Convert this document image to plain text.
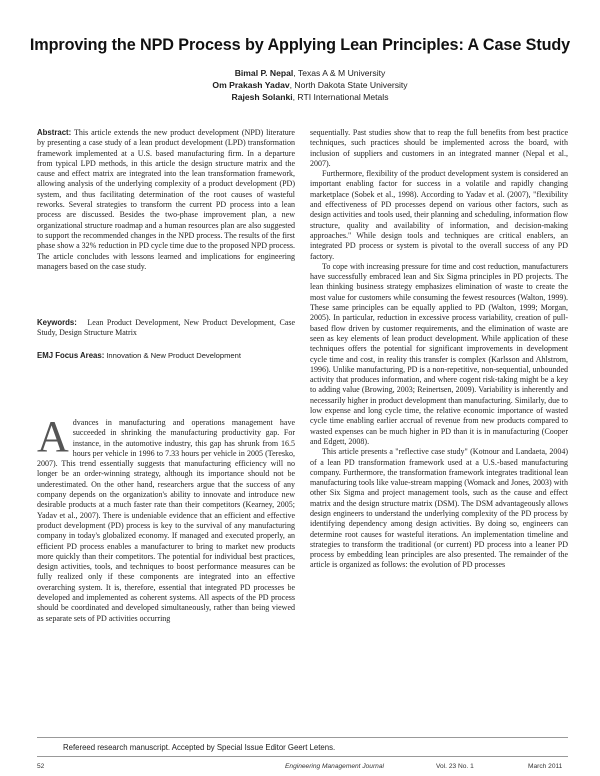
Improving the NPD Process by Applying Lean Principles: A Case Study
Bimal P. Nepal, Texas A & M University
Om Prakash Yadav, North Dakota State University
Rajesh Solanki, RTI International Metals

Abstract: This article extends the new product development (NPD) literature by presenting a case study of a lean product development (LPD) transformation framework implemented at a U.S. based manufacturing firm. In a departure from typical LPD methods, in this article the design structure matrix and the cause and effect matrix are integrated into the lean transformation framework, allowing analysis of the underlying complexity of a product development (PD) system, and thus facilitating determination of the root causes of wasteful reworks. Several strategies to transform the current PD process into a lean process are discussed. Besides the two-phase improvement plan, a new organizational structure roadmap and a human resources plan are also suggested to support the recommended changes in the NPD process. The results of the first phase show a 32% reduction in PD cycle time due to the proposed NPD process. The article concludes with lessons learned and implications for engineering managers based on the case study.

Keywords: Lean Product Development, New Product Development, Case Study, Design Structure Matrix
EMJ Focus Areas: Innovation & New Product Development

Advances in manufacturing and operations management have succeeded in shrinking the manufacturing productivity gap. For instance, in the automotive industry, this gap has shrunk from 16.5 hours per vehicle in 1996 to 7.33 hours per vehicle in 2005 (Teresko, 2007). This trend essentially suggests that manufacturing efficiency will no longer be an order-winning strategy, although its importance should not be underestimated. On the other hand, researchers argue that the success of any company depends on the organization's ability to innovate and introduce new desirable products at a much faster rate than their competitors (Kearney, 2005; Yadav et al., 2007). There is undeniable evidence that an efficient and effective product development (PD) process is key to the survival of any manufacturing company in today's globalized economy. If managed and executed properly, an efficient PD process enables a manufacturer to bring to market new products more quickly than their competitors. The potential for individual best practices, design activities, tools, and techniques to boost performance measures can be fully realized only if these components are integrated into an effective overarching system. It is, therefore, essential that integrated PD processes be developed and implemented as coherent systems. All aspects of the PD process should be coordinated and developed simultaneously, rather than being viewed as separate sets of PD activities occurring

sequentially. Past studies show that to reap the full benefits from best practice techniques, such practices should be implemented across the board, with inclusion of suppliers and customers in an integrated manner (Nepal et al., 2007).

Furthermore, flexibility of the product development system is considered an important enabling factor for success in a volatile and rapidly changing marketplace (Sobek et al., 1998). According to Yadav et al. (2007), "flexibility and effectiveness of PD processes depend on various other factors, such as design activities and tools used, their planning and scheduling, information flow structure, quality and availability of information, and decision-making approaches." While design tools and techniques are critical enablers, an integrated PD process or system is pivotal to the overall success of any PD factory.

To cope with increasing pressure for time and cost reduction, manufacturers have successfully embraced lean and Six Sigma principles in PD projects. The lean thinking business strategy emphasizes elimination of waste to create the most value for customers while consuming the fewest resources (Walton, 1999). These same principles can be equally applied to PD (Walton, 1999; Morgan, 2005). In particular, reduction in excessive process variability, creation of pull-based flow driven by customer requirements, and the elimination of waste are seen as key elements of lean product development. While application of these techniques offers the potential for significant improvements in development cycle time and cost, in reality this transfer is complex (Karlsson and Ahlstrom, 1996). Unlike manufacturing, PD is a non-repetitive, non-sequential, unbounded activity that produces information, and where cogent risk-taking might be a key to adding value (Browing, 2003; Reinertsen, 2009). Variability is inherently and necessarily higher in product development than manufacturing. Similarly, due to low expense and long cycle time, the relative economic importance of wasted cycle time enabling earlier accrual of revenue from new products compared to wasted expenses can be much higher in PD than it is in manufacturing (Cooper and Edgett, 2008).

This article presents a "reflective case study" (Kotnour and Landaeta, 2004) of a lean PD transformation framework used at a U.S.-based manufacturing company. Furthermore, the transformation framework integrates traditional lean manufacturing tools like value-stream mapping (Womack and Jones, 2003) with other Six Sigma and project management tools, such as the cause and effect matrix and the design structure matrix (DSM). The DSM advantageously allows design engineers to understand the underlying complexity of the PD process by identifying dependency among design activities. By doing so, engineers can determine root causes for wasteful iterations. An implementation timeline and strategies to transform the traditional (or current) PD process into a leaner PD process by embedding lean principles are also presented. The remainder of the article is organized as follows: the evolution of PD processes

Refereed research manuscript. Accepted by Special Issue Editor Geert Letens.
52	Engineering Management Journal	Vol. 23 No. 1	March 2011
